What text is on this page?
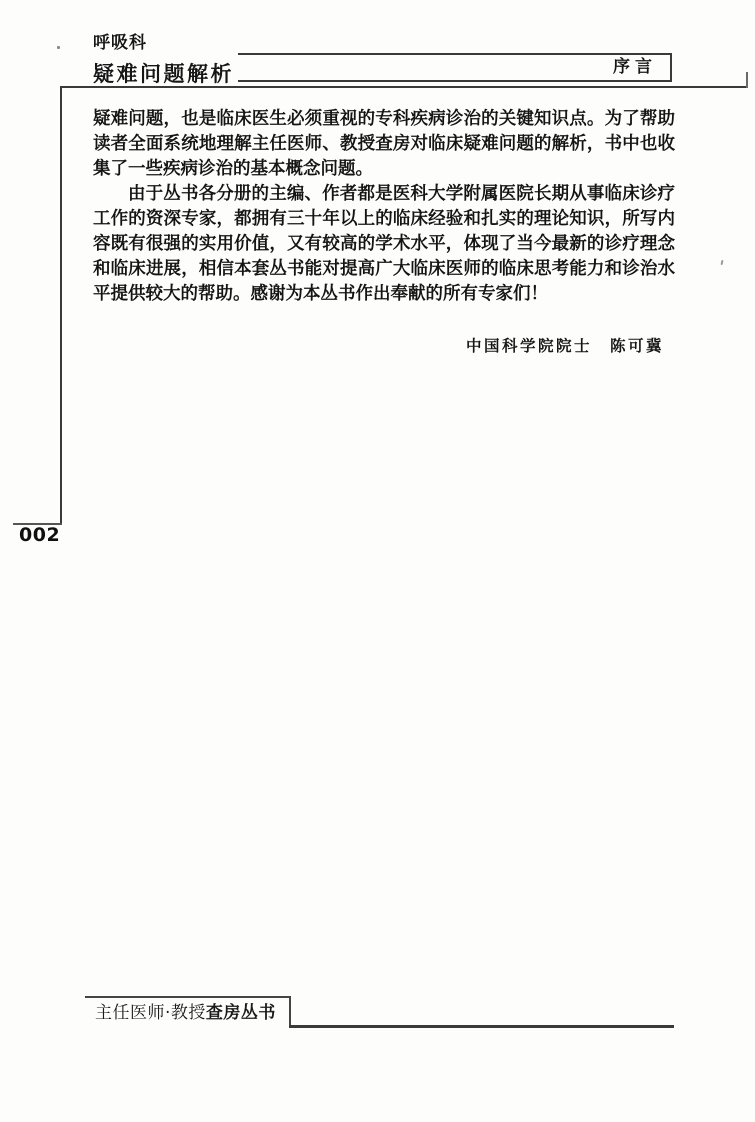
呼吸科
疑难问题解析	序言
疑难问题，也是临床医生必须重视的专科疾病诊治的关键知识点。为了帮助
读者全面系统地理解主任医师、教授查房对临床疑难问题的解析，书中也收
集了一些疾病诊治的基本概念问题。
由于丛书各分册的主编、作者都是医科大学附属医院长期从事临床诊疗
工作的资深专家，都拥有三十年以上的临床经验和扎实的理论知识，所写内
容既有很强的实用价值，又有较高的学术水平，体现了当今最新的诊疗理念
和临床进展，相信本套丛书能对提高广大临床医师的临床思考能力和诊治水
平提供较大的帮助。感谢为本丛书作出奉献的所有专家们！
中国科学院院士　陈可冀
002
主任医师·教授查房丛书
